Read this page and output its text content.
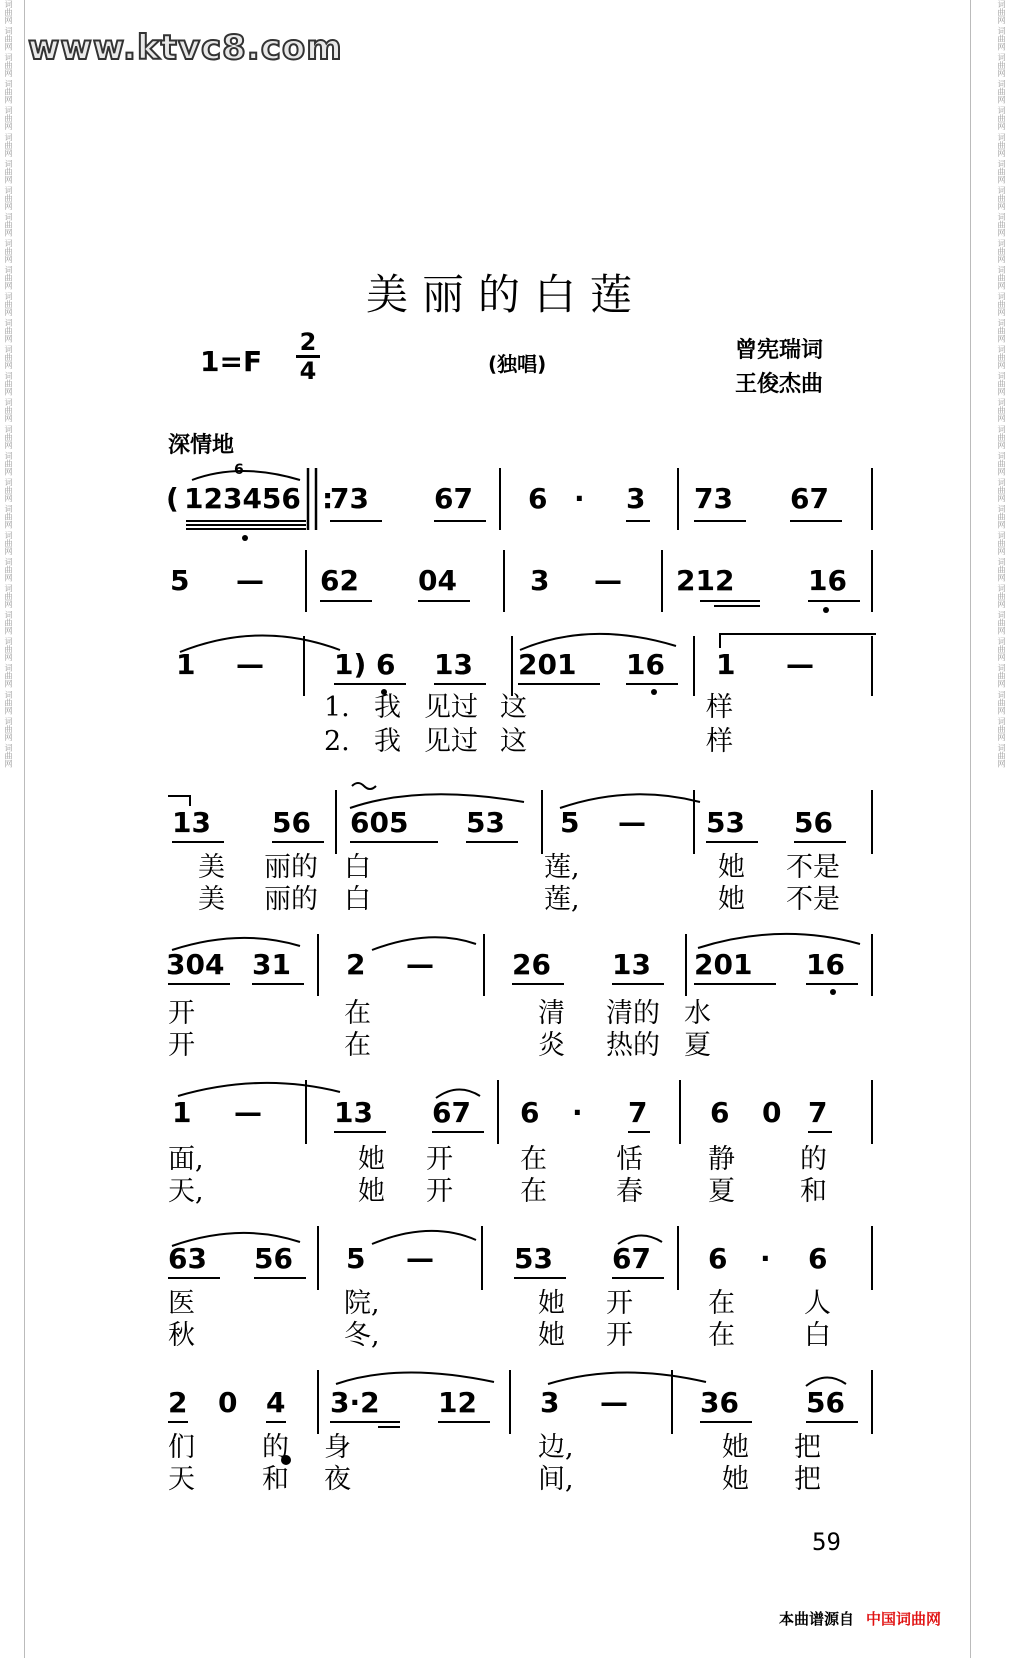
词曲网 词曲网 词曲网 词曲网 词曲网 词曲网 词曲网 词曲网 词曲网 词曲网 词曲网 词曲网 词曲网 词曲网 词曲网 词曲网 词曲网 词曲网 词曲网 词曲网 词曲网 词曲网 词曲网 词曲网 词曲网 词曲网 词曲网 词曲网 词曲网
词曲网 词曲网 词曲网 词曲网 词曲网 词曲网 词曲网 词曲网 词曲网 词曲网 词曲网 词曲网 词曲网 词曲网 词曲网 词曲网 词曲网 词曲网 词曲网 词曲网 词曲网 词曲网 词曲网 词曲网 词曲网 词曲网 词曲网 词曲网 词曲网
www.ktvc8.com
美丽的白莲
1=F
2
4	(独唱)
曾宪瑞词
王俊杰曲
深情地
6
( 123456 :
73 67 6 · 3 73 67
5 — 62 04	3 — 212	16
1 —	1) 6 13 201 16 1 —
1. 我 见过 这	样
2. 我 见过 这	样
13 56 605 53 5 — 53 56
美 丽的 白	莲,	她 不是
美 丽的 白	莲,	她 不是
304 31 2 —	26 13 201 16
开	在	清 清的 水
开	在	炎 热的 夏
1 —	13 67 6 · 7 6 0 7
面,	她 开 在	恬 静 的
天,	她 开 在	春 夏 和
63 56 5 —	53 67 6 · 6
医	院,	她 开	在	人
秋	冬,	她 开	在	白
2 0 4 3·2 12 3 —	36 56
们 的 身	边,	她 把
天 和 夜	间,	她 把
59
本曲谱源自 中国词曲网
